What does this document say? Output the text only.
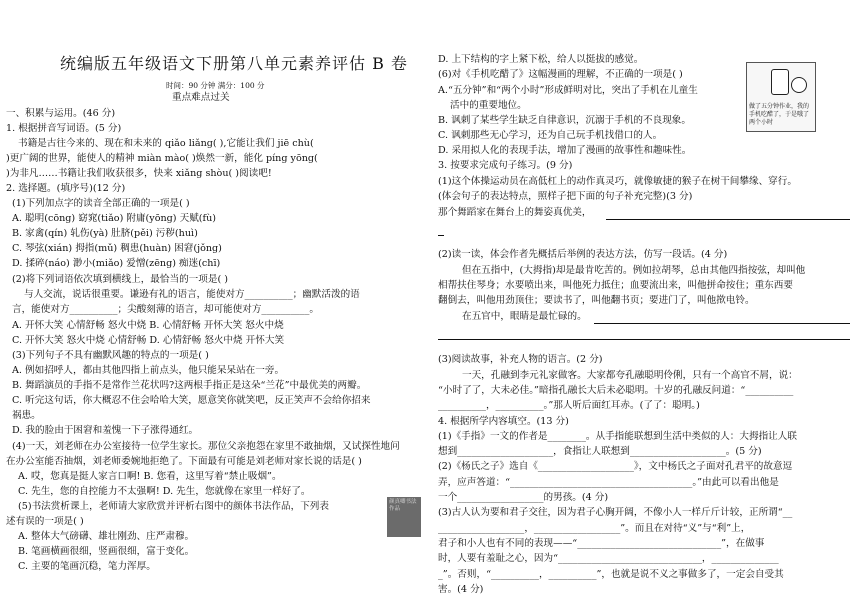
统编版五年级语文下册第八单元素养评估 B 卷
时间：90 分钟 满分：100 分
重点难点过关
一、积累与运用。(46 分)
1. 根据拼音写词语。(5 分)
书籍是古往今来的、现在和未来的 qiǎo liǎng( ),它能让我们 jiē chù(
)更广阔的世界，能使人的精神 miàn mào( )焕然一新，能化 píng yōng(
)为非凡……书籍让我们收获很多，快来 xiǎng shòu( )阅读吧!
2. 选择题。(填序号)(12 分)
(1)下列加点字的读音全部正确的一项是( )
A. 聪明(cōng) 窈窕(tiǎo) 附庸(yōng) 天赋(fù)
B. 家禽(qín) 轧伤(yà) 肚脐(pěi) 污秽(huì)
C. 琴弦(xián) 拇指(mǔ) 稠患(huàn) 困窘(jǒng)
D. 揉碎(náo) 渺小(miǎo) 爱憎(zēng) 痴迷(chī)
(2)将下列词语依次填到横线上，最恰当的一项是( )
与人交流，说话很重要。谦逊有礼的语言，能使对方__________；幽默活泼的语
言，能使对方__________；尖酸刻薄的语言，却可能使对方__________。
A. 开怀大笑 心情舒畅 怒火中烧 B. 心情舒畅 开怀大笑 怒火中烧
C. 开怀大笑 怒火中烧 心情舒畅 D. 心情舒畅 怒火中烧 开怀大笑
(3)下列句子不具有幽默风趣的特点的一项是( )
A. 例如招呼人，都由其他四指上前点头，他只能呆呆站在一旁。
B. 舞蹈演员的手指不是常作兰花状吗?这两根手指正是这朵“兰花”中最优美的两瓣。
C. 听完这句话，你大概忍不住会哈哈大笑，愿意笑你就笑吧，反正笑声不会给你招来
祸患。
D. 我的脸由于困窘和羞愧一下子涨得通红。
(4)一天，刘老师在办公室接待一位学生家长。那位父亲抱怨在家里不敢抽烟，又试探性地问
在办公室能否抽烟，刘老师委婉地拒绝了。下面最有可能是刘老师对家长说的话是( )
A. 哎，您真是挺人家言口啊! B. 您看，这里写着“禁止吸烟”。
C. 先生，您的自控能力不太强啊! D. 先生，您就像在家里一样好了。
(5)书法赏析课上，老师请大家欣赏并评析右图中的颜体书法作品，下列表
述有误的一项是( )
A. 整体大气磅礴、雄壮刚劲、庄严肃穆。
B. 笔画横画很细，竖画很细，富于变化。
C. 主要的笔画沉稳，笔力浑厚。
颜真卿书法作品
D. 上下结构的字上紧下松，给人以挺拔的感觉。
(6)对《手机吃醋了》这幅漫画的理解，不正确的一项是( )
A.“五分钟”和“两个小时”形成鲜明对比，突出了手机在儿童生
活中的重要地位。
B. 讽刺了某些学生缺乏自律意识，沉溺于手机的不良现象。
C. 讽刺那些无心学习，还为自己玩手机找借口的人。
D. 采用拟人化的表现手法，增加了漫画的故事性和趣味性。
3. 按要求完成句子练习。(9 分)
(1)这个体操运动员在高低杠上的动作真灵巧，就像敏捷的猴子在树干间攀缘、穿行。
(体会句子的表达特点，照样子把下面的句子补充完整)(3 分)
那个舞蹈家在舞台上的舞姿真优美，
(2)读一读，体会作者先概括后举例的表达方法，仿写一段话。(4 分)
但在五指中，(大拇指)却是最肯吃苦的。例如拉胡琴，总由其他四指按弦，却叫他
相帮扶住琴身；水要喷出来，叫他死力抵住；血要流出来，叫他拼命按住；重东西要
翻倒去，叫他用劲顶住；要读书了，叫他翻书页；要进门了，叫他揿电铃。
在五官中，眼睛是最忙碌的。
(3)阅读故事，补充人物的语言。(2 分)
一天，孔融到李元礼家做客。大家都夸孔融聪明伶俐，只有一个高官不屑，说：
“小时了了，大未必佳。”暗指孔融长大后未必聪明。十岁的孔融反问道：“__________
__________，__________。”那人听后面红耳赤。(了了：聪明。)
4. 根据所学内容填空。(13 分)
(1)《手指》一文的作者是________。从手指能联想到生活中类似的人：大拇指让人联
想到____________________，食指让人联想到____________________。(5 分)
(2)《杨氏之子》选自《____________________》，文中杨氏之子面对孔君平的故意逗
弄，应声答道：“______________________________________。”由此可以看出他是
一个__________________的男孩。(4 分)
(3)古人认为要和君子交往，因为君子心胸开阔，不像小人一样斤斤计较，正所谓“__
__________________，__________________”。而且在对待“义”与“利”上，
君子和小人也有不同的表现——“______________________________”，在做事
时，人要有羞耻之心，因为“______________________________，______________
_”。否则，“__________，__________”，也就是说不义之事做多了，一定会自受其
害。(4 分)
做了五分钟作业，我的手机吃醋了，于是哦了两个小时
